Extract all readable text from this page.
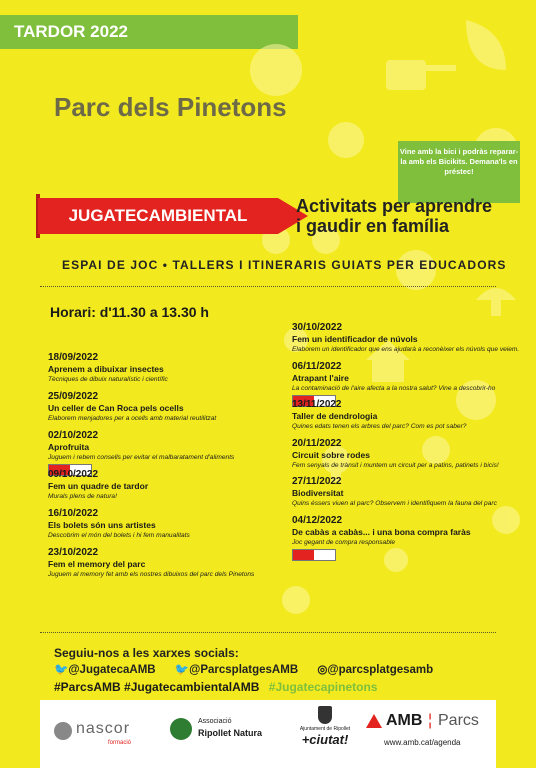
TARDOR 2022
Parc dels Pinetons
Vine amb la bici i podràs reparar-la amb els Bicikits. Demana'ls en préstec!
JUGATECAMBIENTAL	Activitats per aprendre
i gaudir en família
ESPAI DE JOC • TALLERS I ITINERARIS GUIATS PER EDUCADORS
Horari: d'11.30 a 13.30 h
18/09/2022
Aprenem a dibuixar insectes
Tècniques de dibuix naturalístic i científic
25/09/2022
Un celler de Can Roca pels ocells
Elaborem menjadores per a ocells amb material reutilitzat
02/10/2022
Aprofruita
Juguem i rebem consells per evitar el malbaratament d'aliments
09/10/2022
Fem un quadre de tardor
Murals plens de natura!
16/10/2022
Els bolets són uns artistes
Descobrim el món del bolets i hi fem manualitats
23/10/2022
Fem el memory del parc
Juguem al memory fet amb els nostres dibuixos del parc dels Pinetons
30/10/2022
Fem un identificador de núvols
Elaborem un identificador que ens ajudarà a reconèixer els núvols que veiem.
06/11/2022
Atrapant l'aire
La contaminació de l'aire afecta a la nostra salut? Vine a descobrir-ho
13/11/2022
Taller de dendrologia
Quines edats tenen els arbres del parc? Com es pot saber?
20/11/2022
Circuit sobre rodes
Fem senyals de trànsit i muntem un circuit per a patins, patinets i bicis!
27/11/2022
Biodiversitat
Quins éssers viuen al parc? Observem i identifiquem la fauna del parc
04/12/2022
De cabàs a cabàs... i una bona compra faràs
Joc gegant de compra responsable
Seguiu-nos a les xarxes socials:
🐦@JugatecaAMB 🐦@ParcsplatgesAMB ◎@parcsplatgesamb
#ParcsAMB #JugatecambientalAMB #Jugatecapinetons
nascor
formació
Associació
Ripollet Natura	Ajuntament de Ripollet
+ciutat!
AMB ¦ Parcs
www.amb.cat/agenda
